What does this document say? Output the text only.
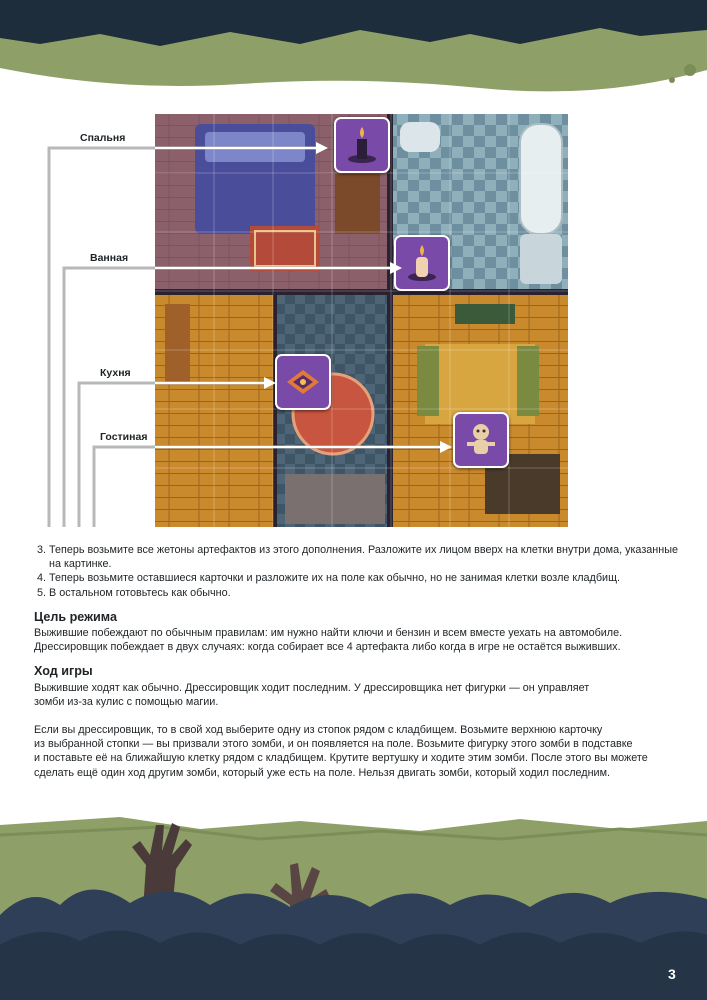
Спальня
Ванная
Кухня
Гостиная
3. Теперь возьмите все жетоны артефактов из этого дополнения. Разложите их лицом вверх на клетки внутри дома, указанные на картинке.
4. Теперь возьмите оставшиеся карточки и разложите их на поле как обычно, но не занимая клетки возле кладбищ.
5. В остальном готовьтесь как обычно.
Цель режима

Выжившие побеждают по обычным правилам: им нужно найти ключи и бензин и всем вместе уехать на автомобиле.

Дрессировщик побеждает в двух случаях: когда собирает все 4 артефакта либо когда в игре не остаётся выживших.

Ход игры

Выжившие ходят как обычно. Дрессировщик ходит последним. У дрессировщика нет фигурки — он управляет

зомби из-за кулис с помощью магии.

Если вы дрессировщик, то в свой ход выберите одну из стопок рядом с кладбищем. Возьмите верхнюю карточку

из выбранной стопки — вы призвали этого зомби, и он появляется на поле. Возьмите фигурку этого зомби в подставке

и поставьте её на ближайшую клетку рядом с кладбищем. Крутите вертушку и ходите этим зомби. После этого вы можете

сделать ещё один ход другим зомби, который уже есть на поле. Нельзя двигать зомби, который ходил последним.

3
